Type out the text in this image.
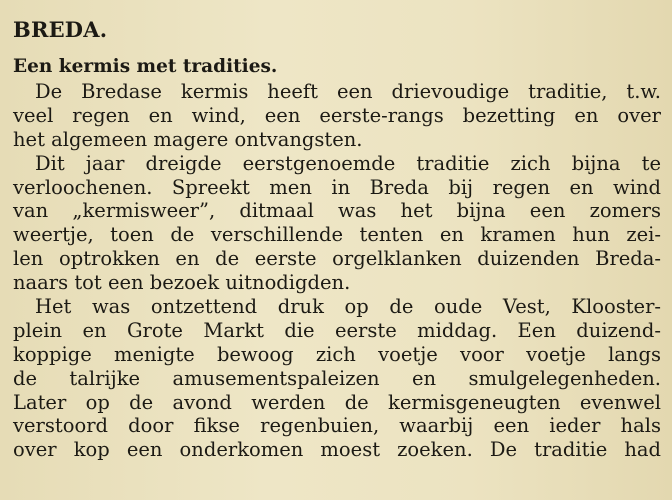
BREDA.
Een kermis met tradities.

De Bredase kermis heeft een drievoudige traditie, t.w.
veel regen en wind, een eerste-rangs bezetting en over
het algemeen magere ontvangsten.

Dit jaar dreigde eerstgenoemde traditie zich bijna te
verloochenen. Spreekt men in Breda bij regen en wind
van „kermisweer”, ditmaal was het bijna een zomers
weertje, toen de verschillende tenten en kramen hun zei-
len optrokken en de eerste orgelklanken duizenden Breda-
naars tot een bezoek uitnodigden.

Het was ontzettend druk op de oude Vest, Klooster-
plein en Grote Markt die eerste middag. Een duizend-
koppige menigte bewoog zich voetje voor voetje langs
de talrijke amusementspaleizen en smulgelegenheden.
Later op de avond werden de kermisgeneugten evenwel
verstoord door fikse regenbuien, waarbij een ieder hals
over kop een onderkomen moest zoeken. De traditie had
